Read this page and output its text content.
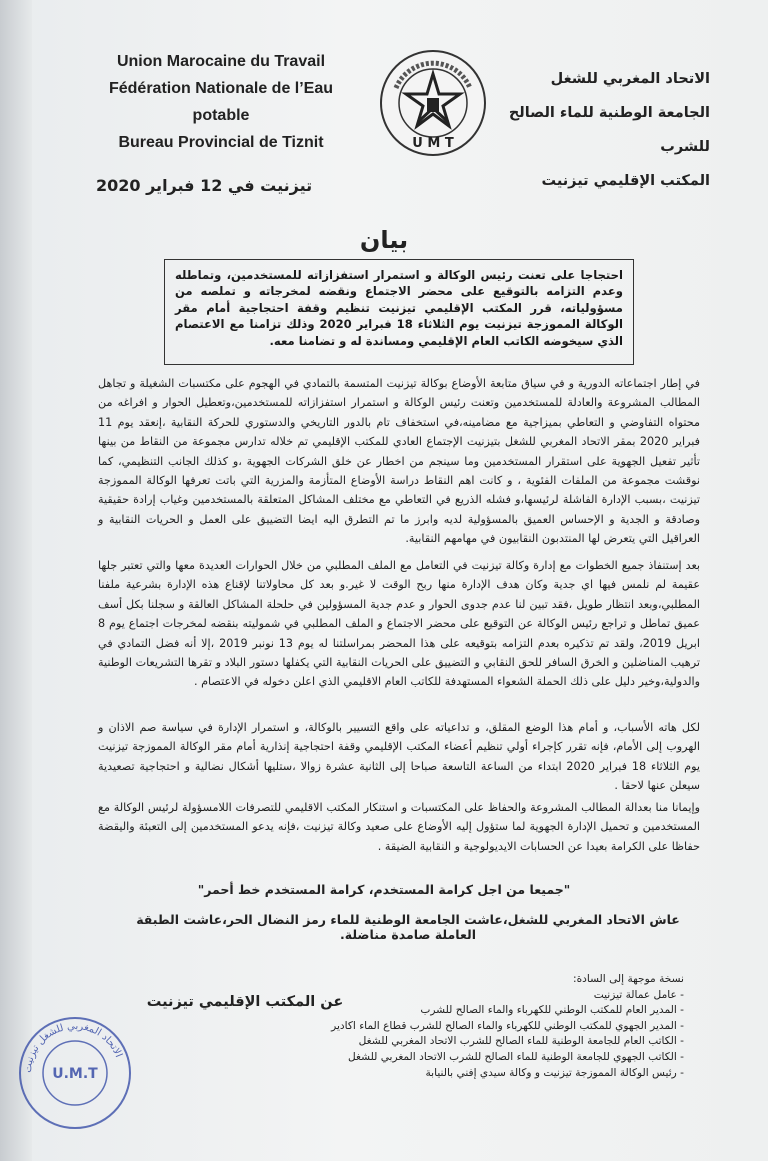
Union Marocaine du Travail
Fédération Nationale de l’Eau potable
Bureau Provincial de Tiznit	U M T
الاتحاد المغربي للشغل
الجامعة الوطنية للماء الصالح للشرب
المكتب الإقليمي تيزنيت
تيزنيت في 12 فبراير 2020
بيان
احتجاجا على تعنت رئيس الوكالة و استمرار استفزازاته للمستخدمين، وتماطله وعدم التزامه بالتوقيع على محضر الاجتماع ونقضه لمخرجاته و تملصه من مسؤولياته، قرر المكتب الإقليمي تيزنيت تنظيم وقفة احتجاجية أمام مقر الوكالة المموزجة تيزنيت يوم الثلاثاء 18 فبراير 2020 وذلك تزامنا مع الاعتصام الذي سيخوضه الكاتب العام الإقليمي ومساندة له و تضامنا معه.
في إطار اجتماعاته الدورية و في سياق متابعة الأوضاع بوكالة تيزنيت المتسمة بالتمادي في الهجوم على مكتسبات الشغيلة و تجاهل المطالب المشروعة والعادلة للمستخدمين وتعنت رئيس الوكالة و استمرار استفزازاته للمستخدمين،وتعطيل الحوار و افراغه من محتواه التفاوضي و التعاطي بميزاجية مع مضامينه،في استخفاف تام بالدور التاريخي والدستوري للحركة النقابية ،إنعقد يوم 11 فبراير 2020 بمقر الاتحاد المغربي للشغل بتيزنيت الإجتماع العادي للمكتب الإقليمي تم خلاله تدارس مجموعة من النقاط من بينها تأثير تفعيل الجهوية على استقرار المستخدمين وما سينجم من اخطار عن خلق الشركات الجهوية ،و كذلك الجانب التنظيمي، كما نوقشت مجموعة من الملفات الفئوية ، و كانت اهم النقاط دراسة الأوضاع المتأزمة والمزرية التي باتت تعرفها الوكالة المموزجة تيزنيت ،بسبب الإدارة الفاشلة لرئيسها،و فشله الذريع في التعاطي مع مختلف المشاكل المتعلقة بالمستخدمين وغياب إرادة حقيقية وصادقة و الجدية و الإحساس العميق بالمسؤولية لديه وابرز ما تم التطرق اليه ايضا التضييق على العمل و الحريات النقابية و العراقيل التي يتعرض لها المنتدبون النقابيون في مهامهم النقابية.
بعد إستنفاذ جميع الخطوات مع إدارة وكالة تيزنيت في التعامل مع الملف المطلبي من خلال الحوارات العديدة معها والتي تعتبر جلها عقيمة لم نلمس فيها اي جدية وكان هدف الإدارة منها ربح الوقت لا غير.و بعد كل محاولاتنا لإقناع هذه الإدارة بشرعية ملفنا المطلبي،وبعد انتظار طويل ،فقد تبين لنا عدم جدوى الحوار و عدم جدية المسؤولين في حلحلة المشاكل العالقة و سجلنا بكل أسف عميق تماطل و تراجع رئيس الوكالة عن التوقيع على محضر الاجتماع و الملف المطلبي في شموليته بنقضه لمخرجات اجتماع يوم 8 ابريل 2019، ولقد تم تذكيره بعدم التزامه بتوقيعه على هذا المحضر بمراسلتنا له يوم 13 نونبر 2019 ،إلا أنه فضل التمادي في ترهيب المناضلين و الخرق السافر للحق النقابي و التضييق على الحريات النقابية التي يكفلها دستور البلاد و تقرها التشريعات الوطنية والدولية،وخير دليل على ذلك الحملة الشعواء المستهدفة للكاتب العام الاقليمي الذي اعلن دخوله في الاعتصام .
لكل هاته الأسباب، و أمام هذا الوضع المقلق، و تداعياته على واقع التسيير بالوكالة، و استمرار الإدارة في سياسة صم الاذان و الهروب إلى الأمام، فإنه تقرر كإجراء أولي تنظيم أعضاء المكتب الإقليمي وقفة احتجاجية إنذارية أمام مقر الوكالة المموزجة تيزنيت يوم الثلاثاء 18 فبراير 2020 ابتداء من الساعة التاسعة صباحا إلى الثانية عشرة زوالا ،ستليها أشكال نضالية و احتجاجية تصعيدية سيعلن عنها لاحقا .
وإيمانا منا بعدالة المطالب المشروعة والحفاظ على المكتسبات و استنكار المكتب الاقليمي للتصرفات اللامسؤولة لرئيس الوكالة مع المستخدمين و تحميل الإدارة الجهوية لما ستؤول إليه الأوضاع على صعيد وكالة تيزنيت ،فإنه يدعو المستخدمين إلى التعبئة واليقضة حفاظا على الكرامة بعيدا عن الحسابات الايديولوجية و النقابية الضيقة .
"جميعا من اجل كرامة المستخدم، كرامة المستخدم خط أحمر"
عاش الاتحاد المغربي للشغل،عاشت الجامعة الوطنية للماء رمز النضال الحر،عاشت الطبقة العاملة صامدة مناضلة.
عن المكتب الإقليمي تيزنيت
نسخة موجهة إلى السادة:
- عامل عمالة تيزنيت
- المدير العام للمكتب الوطني للكهرباء والماء الصالح للشرب
- المدير الجهوي للمكتب الوطني للكهرباء والماء الصالح للشرب قطاع الماء اكادير
- الكاتب العام للجامعة الوطنية للماء الصالح للشرب الاتحاد المغربي للشغل
- الكاتب الجهوي للجامعة الوطنية للماء الصالح للشرب الاتحاد المغربي للشغل
- رئيس الوكالة المموزجة تيزنيت و وكالة سيدي إفني بالنيابة
الاتحاد المغربي للشغل تيزنيت
U.M.T
